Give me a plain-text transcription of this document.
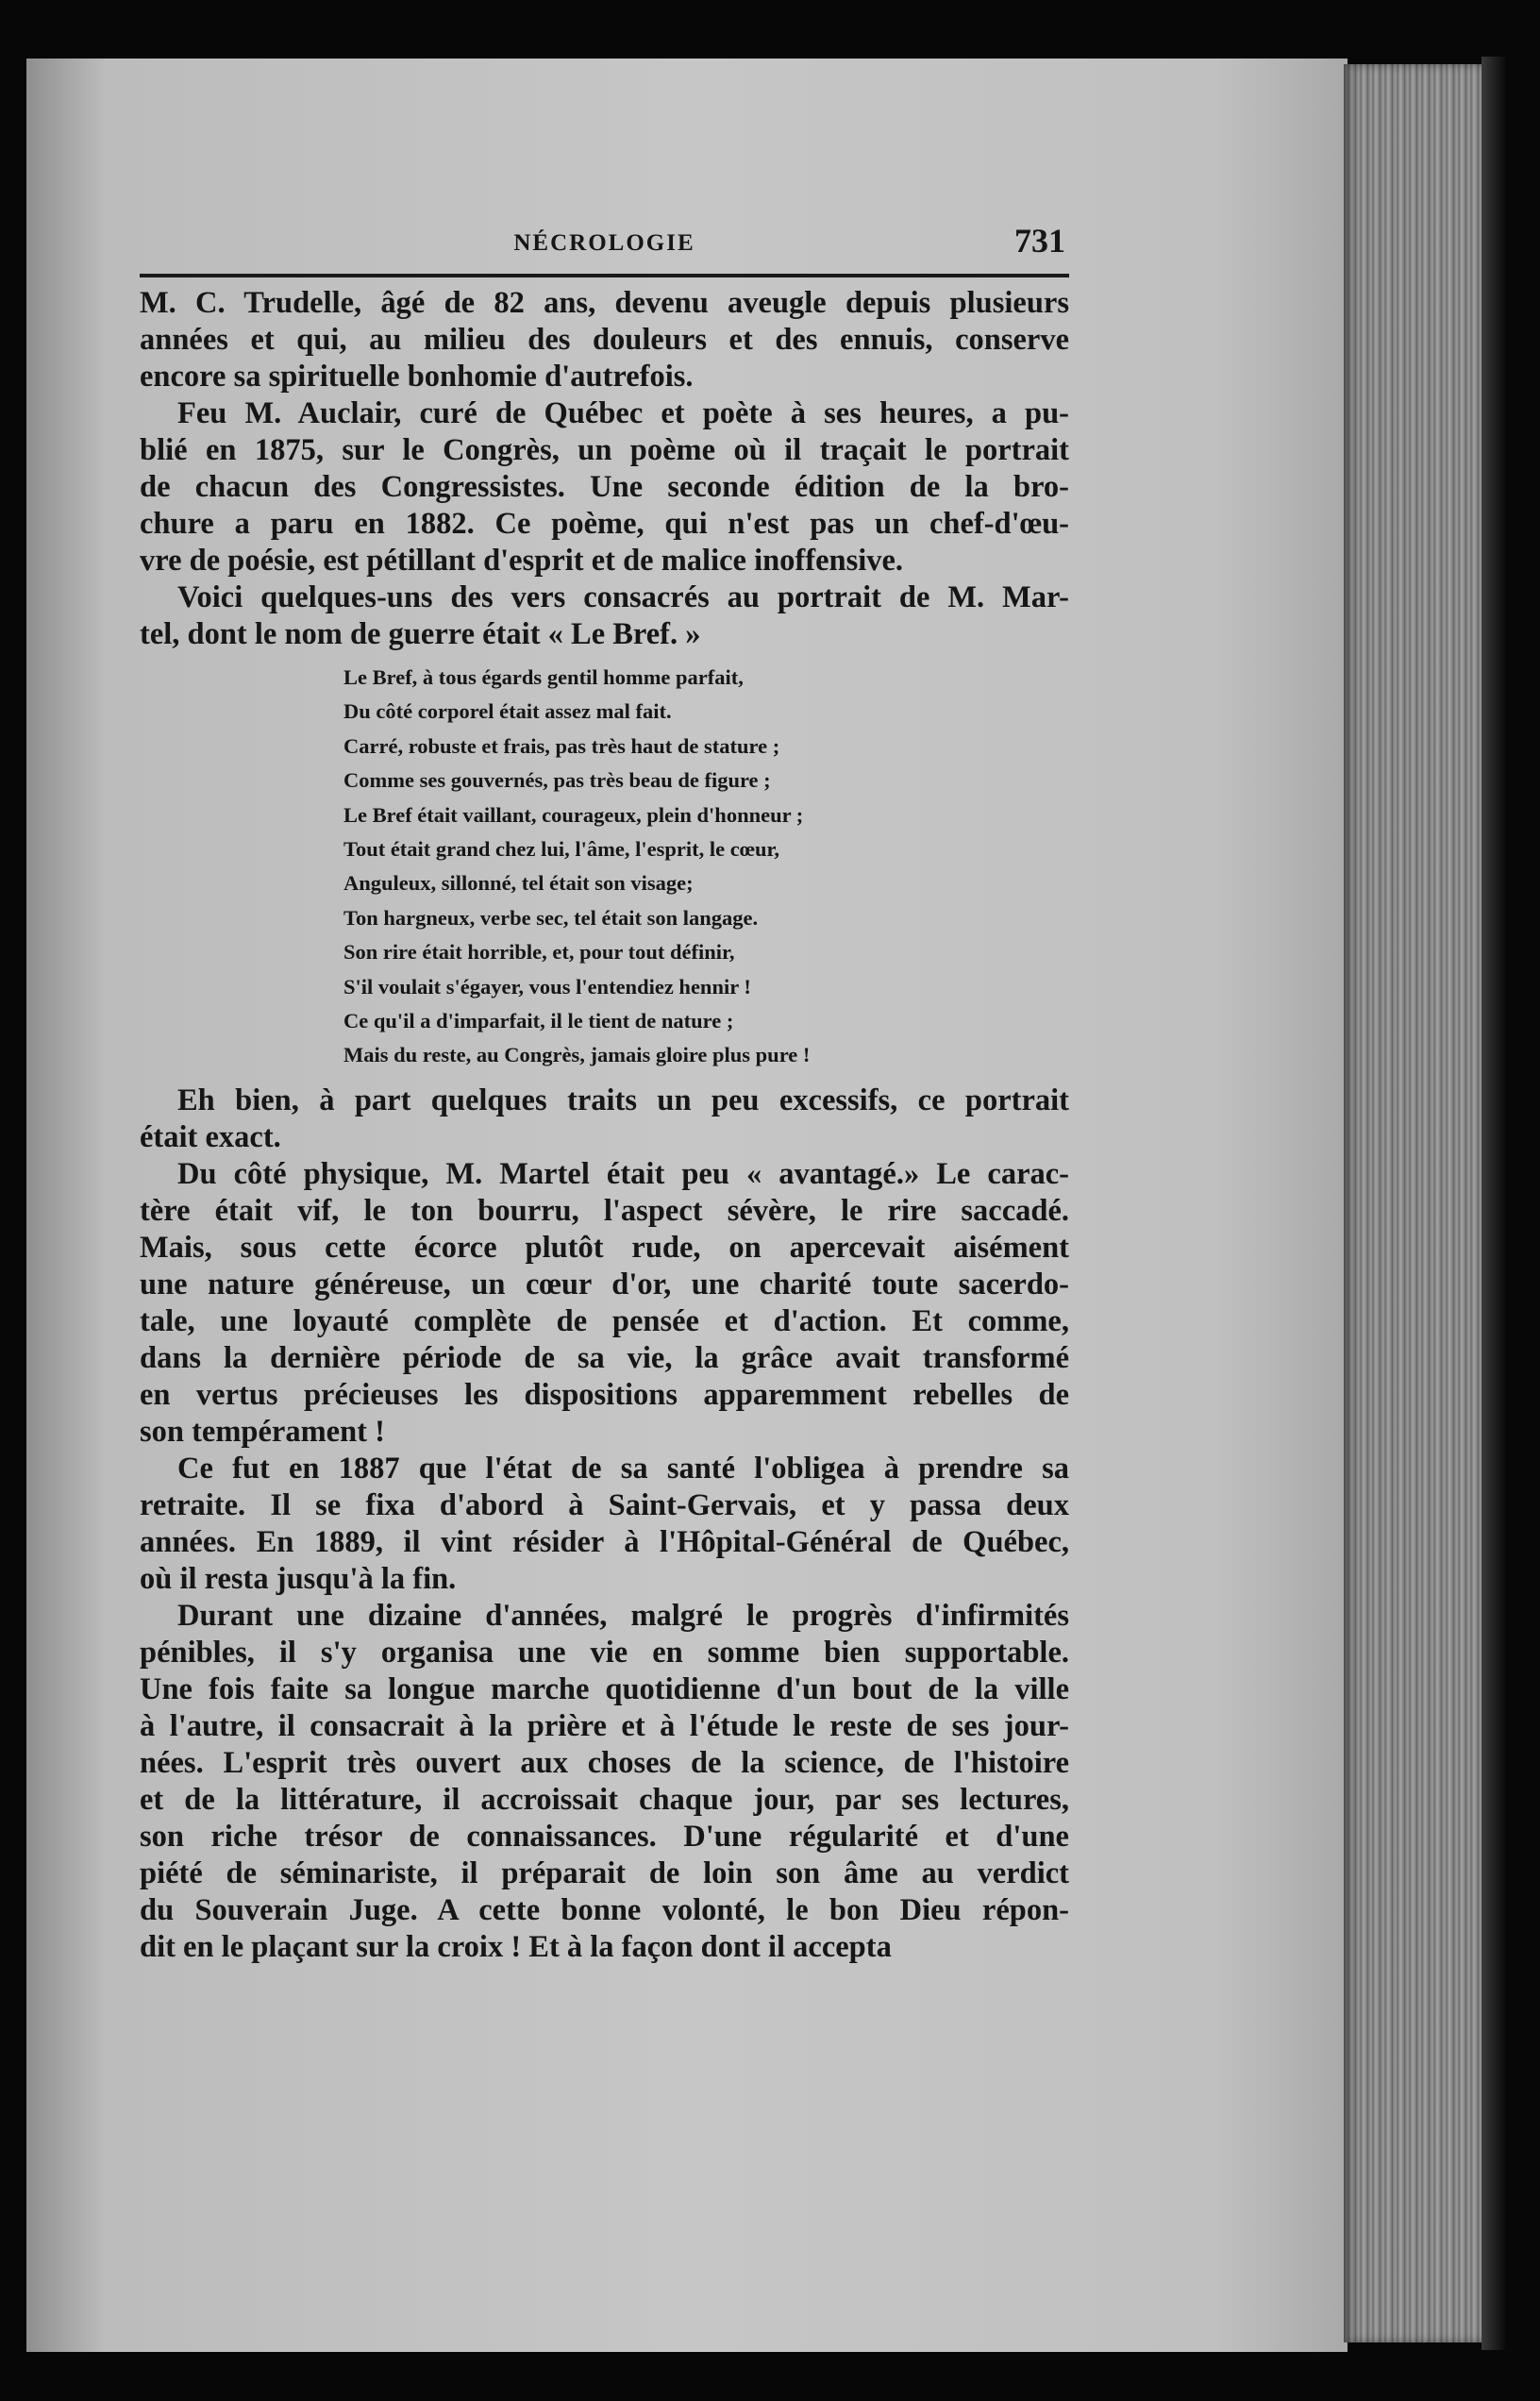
NÉCROLOGIE	731

M. C. Trudelle, âgé de 82 ans, devenu aveugle depuis plusieurs
années et qui, au milieu des douleurs et des ennuis, conserve
encore sa spirituelle bonhomie d'autrefois.

Feu M. Auclair, curé de Québec et poète à ses heures, a pu-
blié en 1875, sur le Congrès, un poème où il traçait le portrait
de chacun des Congressistes. Une seconde édition de la bro-
chure a paru en 1882. Ce poème, qui n'est pas un chef-d'œu-
vre de poésie, est pétillant d'esprit et de malice inoffensive.

Voici quelques-uns des vers consacrés au portrait de M. Mar-
tel, dont le nom de guerre était « Le Bref. »

Le Bref, à tous égards gentil homme parfait,
Du côté corporel était assez mal fait.
Carré, robuste et frais, pas très haut de stature ;
Comme ses gouvernés, pas très beau de figure ;
Le Bref était vaillant, courageux, plein d'honneur ;
Tout était grand chez lui, l'âme, l'esprit, le cœur,
Anguleux, sillonné, tel était son visage;
Ton hargneux, verbe sec, tel était son langage.
Son rire était horrible, et, pour tout définir,
S'il voulait s'égayer, vous l'entendiez hennir !
Ce qu'il a d'imparfait, il le tient de nature ;
Mais du reste, au Congrès, jamais gloire plus pure !

Eh bien, à part quelques traits un peu excessifs, ce portrait
était exact.

Du côté physique, M. Martel était peu « avantagé.» Le carac-
tère était vif, le ton bourru, l'aspect sévère, le rire saccadé.
Mais, sous cette écorce plutôt rude, on apercevait aisément
une nature généreuse, un cœur d'or, une charité toute sacerdo-
tale, une loyauté complète de pensée et d'action. Et comme,
dans la dernière période de sa vie, la grâce avait transformé
en vertus précieuses les dispositions apparemment rebelles de
son tempérament !

Ce fut en 1887 que l'état de sa santé l'obligea à prendre sa
retraite. Il se fixa d'abord à Saint-Gervais, et y passa deux
années. En 1889, il vint résider à l'Hôpital-Général de Québec,
où il resta jusqu'à la fin.

Durant une dizaine d'années, malgré le progrès d'infirmités
pénibles, il s'y organisa une vie en somme bien supportable.
Une fois faite sa longue marche quotidienne d'un bout de la ville
à l'autre, il consacrait à la prière et à l'étude le reste de ses jour-
nées. L'esprit très ouvert aux choses de la science, de l'histoire
et de la littérature, il accroissait chaque jour, par ses lectures,
son riche trésor de connaissances. D'une régularité et d'une
piété de séminariste, il préparait de loin son âme au verdict
du Souverain Juge. A cette bonne volonté, le bon Dieu répon-
dit en le plaçant sur la croix ! Et à la façon dont il accepta
